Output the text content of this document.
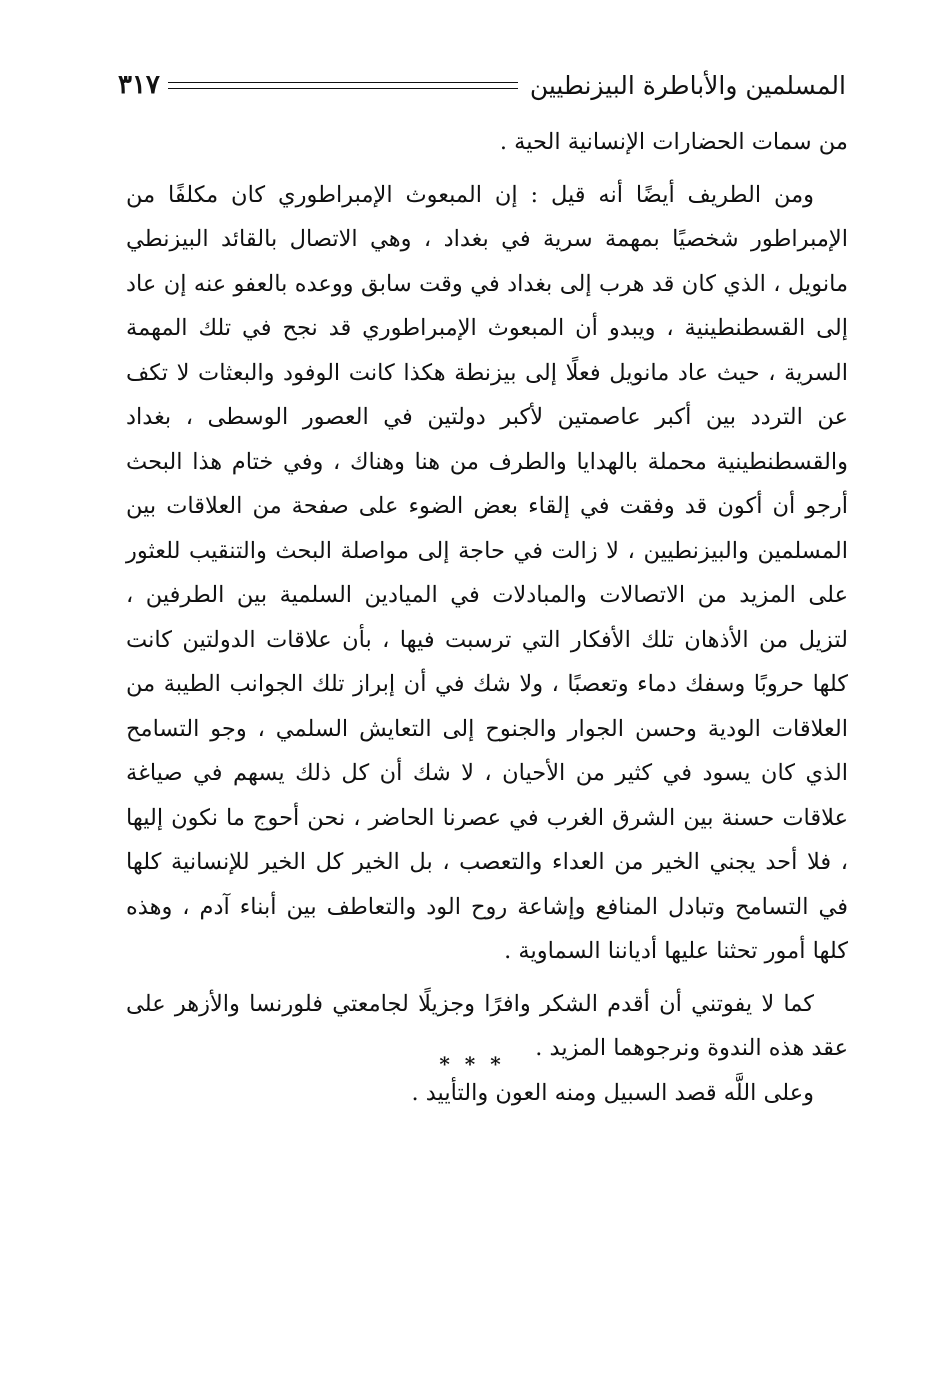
المسلمين والأباطرة البيزنطيين
٣١٧

من سمات الحضارات الإنسانية الحية .

ومن الطريف أيضًا أنه قيل : إن المبعوث الإمبراطوري كان مكلفًا من الإمبراطور شخصيًا بمهمة سرية في بغداد ، وهي الاتصال بالقائد البيزنطي مانويل ، الذي كان قد هرب إلى بغداد في وقت سابق ووعده بالعفو عنه إن عاد إلى القسطنطينية ، ويبدو أن المبعوث الإمبراطوري قد نجح في تلك المهمة السرية ، حيث عاد مانويل فعلًا إلى بيزنطة هكذا كانت الوفود والبعثات لا تكف عن التردد بين أكبر عاصمتين لأكبر دولتين في العصور الوسطى ، بغداد والقسطنطينية محملة بالهدايا والطرف من هنا وهناك ، وفي ختام هذا البحث أرجو أن أكون قد وفقت في إلقاء بعض الضوء على صفحة من العلاقات بين المسلمين والبيزنطيين ، لا زالت في حاجة إلى مواصلة البحث والتنقيب للعثور على المزيد من الاتصالات والمبادلات في الميادين السلمية بين الطرفين ، لتزيل من الأذهان تلك الأفكار التي ترسبت فيها ، بأن علاقات الدولتين كانت كلها حروبًا وسفك دماء وتعصبًا ، ولا شك في أن إبراز تلك الجوانب الطيبة من العلاقات الودية وحسن الجوار والجنوح إلى التعايش السلمي ، وجو التسامح الذي كان يسود في كثير من الأحيان ، لا شك أن كل ذلك يسهم في صياغة علاقات حسنة بين الشرق الغرب في عصرنا الحاضر ، نحن أحوج ما نكون إليها ، فلا أحد يجني الخير من العداء والتعصب ، بل الخير كل الخير للإنسانية كلها في التسامح وتبادل المنافع وإشاعة روح الود والتعاطف بين أبناء آدم ، وهذه كلها أمور تحثنا عليها أدياننا السماوية .

كما لا يفوتني أن أقدم الشكر وافرًا وجزيلًا لجامعتي فلورنسا والأزهر على عقد هذه الندوة ونرجوهما المزيد .

وعلى اللَّه قصد السبيل ومنه العون والتأييد .

* * *
